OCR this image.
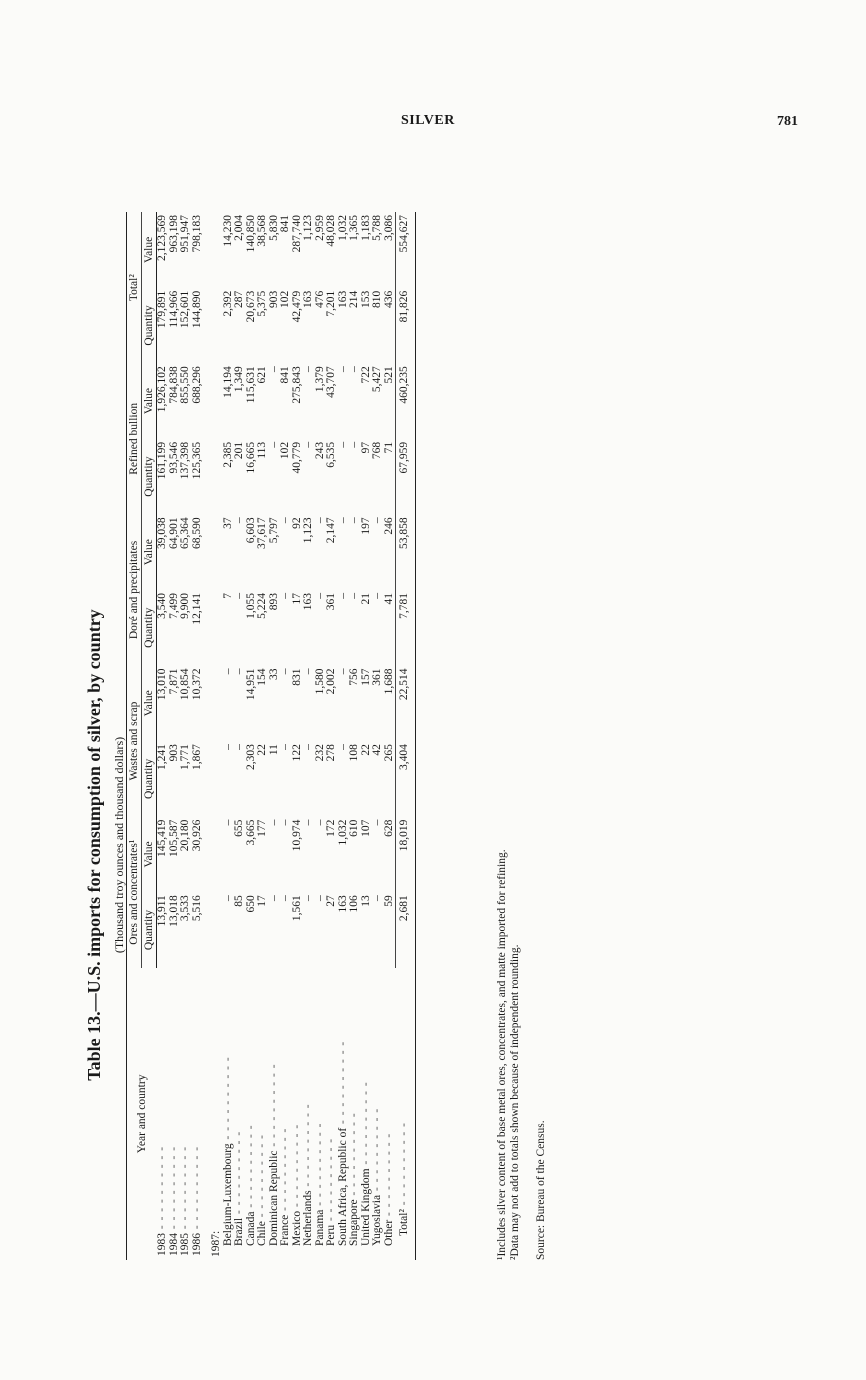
SILVER	781
Table 13.—U.S. imports for consumption of silver, by country (Thousand troy ounces and thousand dollars)
Year and country	Ores and concentrates¹		Wastes and scrap		Doré and precipitates		Refined bullion		Total²	
	Quantity	Value	Quantity	Value	Quantity	Value	Quantity	Value	Quantity	Value
1983 - - - - - - - - - -	13,911	145,419	1,241	13,010	3,540	39,038	161,199	1,926,102	179,891	2,123,569
1984 - - - - - - - - - -	13,018	105,587	903	7,871	7,499	64,901	93,546	784,838	114,966	963,198
1985 - - - - - - - - - -	3,533	20,180	1,771	10,854	9,900	65,364	137,398	855,550	152,601	951,947
1986 - - - - - - - - - -	5,516	30,926	1,867	10,372	12,141	68,590	125,365	688,296	144,890	798,183

1987:										
Belgium-Luxembourg - - - - - - - - - -	–	–	–	–	7	37	2,385	14,194	2,392	14,230
Brazil - - - - - - - - - -	85	655	–	–	–	–	201	1,349	287	2,004
Canada - - - - - - - - - -	650	3,665	2,303	14,951	1,055	6,603	16,665	115,631	20,673	140,850
Chile - - - - - - - - - -	17	177	22	154	5,224	37,617	113	621	5,375	38,568
Dominican Republic - - - - - - - - - -	–	–	11	33	893	5,797	–	–	903	5,830
France - - - - - - - - - -	–	–	–	–	–	–	102	841	102	841
Mexico - - - - - - - - - -	1,561	10,974	122	831	17	92	40,779	275,843	42,479	287,740
Netherlands - - - - - - - - - -	–	–	–	–	163	1,123	–	–	163	1,123
Panama - - - - - - - - - -	–	–	232	1,580	–	–	243	1,379	476	2,959
Peru - - - - - - - - - -	27	172	278	2,002	361	2,147	6,535	43,707	7,201	48,028
South Africa, Republic of - - - - - - - - - -	163	1,032	–	–	–	–	–	–	163	1,032
Singapore - - - - - - - - - -	106	610	108	756	–	–	–	–	214	1,365
United Kingdom - - - - - - - - - -	13	107	22	157	21	197	97	722	153	1,183
Yugoslavia - - - - - - - - - -	–	–	42	361	–	–	768	5,427	810	5,788
Other - - - - - - - - - -	59	628	265	1,688	41	246	71	521	436	3,086
Total² - - - - - - - - - -	2,681	18,019	3,404	22,514	7,781	53,858	67,959	460,235	81,826	554,627

¹Includes silver content of base metal ores, concentrates, and matte imported for refining. ²Data may not add to totals shown because of independent rounding. Source: Bureau of the Census.
